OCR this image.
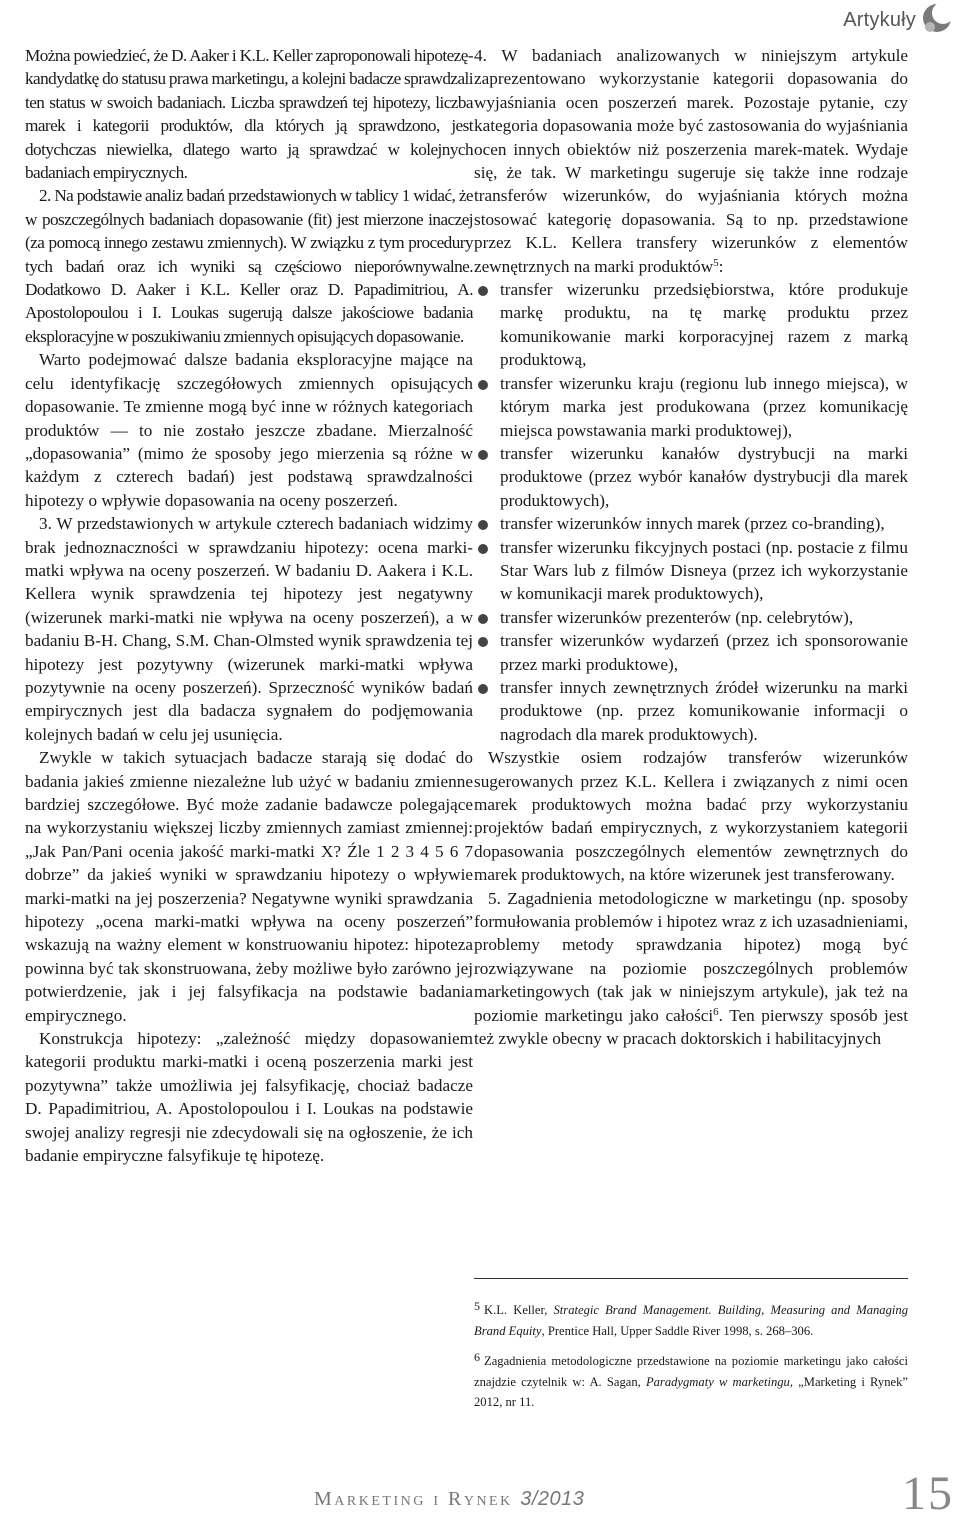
Artykuły

Można powiedzieć, że D. Aaker i K.L. Keller zaproponowali hipotezę-kandydatkę do statusu prawa marketingu, a kolejni badacze sprawdzali ten status w swoich badaniach. Liczba sprawdzeń tej hipotezy, liczba marek i kategorii produktów, dla których ją sprawdzono, jest dotychczas niewielka, dlatego warto ją sprawdzać w kolejnych badaniach empirycznych.

2. Na podstawie analiz badań przedstawionych w tablicy 1 widać, że w poszczególnych badaniach dopasowanie (fit) jest mierzone inaczej (za pomocą innego zestawu zmiennych). W związku z tym procedury tych badań oraz ich wyniki są częściowo nieporównywalne. Dodatkowo D. Aaker i K.L. Keller oraz D. Papadimitriou, A. Apostolopoulou i I. Loukas sugerują dalsze jakościowe badania eksploracyjne w poszukiwaniu zmiennych opisujących dopasowanie.

Warto podejmować dalsze badania eksploracyjne mające na celu identyfikację szczegółowych zmiennych opisujących dopasowanie. Te zmienne mogą być inne w różnych kategoriach produktów — to nie zostało jeszcze zbadane. Mierzalność „dopasowania” (mimo że sposoby jego mierzenia są różne w każdym z czterech badań) jest podstawą sprawdzalności hipotezy o wpływie dopasowania na oceny poszerzeń.

3. W przedstawionych w artykule czterech badaniach widzimy brak jednoznaczności w sprawdzaniu hipotezy: ocena marki-matki wpływa na oceny poszerzeń. W badaniu D. Aakera i K.L. Kellera wynik sprawdzenia tej hipotezy jest negatywny (wizerunek marki-matki nie wpływa na oceny poszerzeń), a w badaniu B-H. Chang, S.M. Chan-Olmsted wynik sprawdzenia tej hipotezy jest pozytywny (wizerunek marki-matki wpływa pozytywnie na oceny poszerzeń). Sprzeczność wyników badań empirycznych jest dla badacza sygnałem do podjęmowania kolejnych badań w celu jej usunięcia.

Zwykle w takich sytuacjach badacze starają się dodać do badania jakieś zmienne niezależne lub użyć w badaniu zmienne bardziej szczegółowe. Być może zadanie badawcze polegające na wykorzystaniu większej liczby zmiennych zamiast zmiennej: „Jak Pan/Pani ocenia jakość marki-matki X? Źle 1 2 3 4 5 6 7 dobrze” da jakieś wyniki w sprawdzaniu hipotezy o wpływie marki-matki na jej poszerzenia? Negatywne wyniki sprawdzania hipotezy „ocena marki-matki wpływa na oceny poszerzeń” wskazują na ważny element w konstruowaniu hipotez: hipoteza powinna być tak skonstruowana, żeby możliwe było zarówno jej potwierdzenie, jak i jej falsyfikacja na podstawie badania empirycznego.

Konstrukcja hipotezy: „zależność między dopasowaniem kategorii produktu marki-matki i oceną poszerzenia marki jest pozytywna” także umożliwia jej falsyfikację, chociaż badacze D. Papadimitriou, A. Apostolopoulou i I. Loukas na podstawie swojej analizy regresji nie zdecydowali się na ogłoszenie, że ich badanie empiryczne falsyfikuje tę hipotezę.

4. W badaniach analizowanych w niniejszym artykule zaprezentowano wykorzystanie kategorii dopasowania do wyjaśniania ocen poszerzeń marek. Pozostaje pytanie, czy kategoria dopasowania może być zastosowania do wyjaśniania ocen innych obiektów niż poszerzenia marek-matek. Wydaje się, że tak. W marketingu sugeruje się także inne rodzaje transferów wizerunków, do wyjaśniania których można stosować kategorię dopasowania. Są to np. przedstawione przez K.L. Kellera transfery wizerunków z elementów zewnętrznych na marki produktów$^5$:

transfer wizerunku przedsiębiorstwa, które produkuje markę produktu, na tę markę produktu przez komunikowanie marki korporacyjnej razem z marką produktową,
transfer wizerunku kraju (regionu lub innego miejsca), w którym marka jest produkowana (przez komunikację miejsca powstawania marki produktowej),
transfer wizerunku kanałów dystrybucji na marki produktowe (przez wybór kanałów dystrybucji dla marek produktowych),
transfer wizerunków innych marek (przez co-branding),
transfer wizerunku fikcyjnych postaci (np. postacie z filmu Star Wars lub z filmów Disneya (przez ich wykorzystanie w komunikacji marek produktowych),
transfer wizerunków prezenterów (np. celebrytów),
transfer wizerunków wydarzeń (przez ich sponsorowanie przez marki produktowe),
transfer innych zewnętrznych źródeł wizerunku na marki produktowe (np. przez komunikowanie informacji o nagrodach dla marek produktowych).

Wszystkie osiem rodzajów transferów wizerunków sugerowanych przez K.L. Kellera i związanych z nimi ocen marek produktowych można badać przy wykorzystaniu projektów badań empirycznych, z wykorzystaniem kategorii dopasowania poszczególnych elementów zewnętrznych do marek produktowych, na które wizerunek jest transferowany.

5. Zagadnienia metodologiczne w marketingu (np. sposoby formułowania problemów i hipotez wraz z ich uzasadnieniami, problemy metody sprawdzania hipotez) mogą być rozwiązywane na poziomie poszczególnych problemów marketingowych (tak jak w niniejszym artykule), jak też na poziomie marketingu jako całości$^6$. Ten pierwszy sposób jest też zwykle obecny w pracach doktorskich i habilitacyjnych

5 K.L. Keller, Strategic Brand Management. Building, Measuring and Managing Brand Equity, Prentice Hall, Upper Saddle River 1998, s. 268–306.

6 Zagadnienia metodologiczne przedstawione na poziomie marketingu jako całości znajdzie czytelnik w: A. Sagan, Paradygmaty w marketingu, „Marketing i Rynek” 2012, nr 11.

Marketing i Rynek 3/2013	15
